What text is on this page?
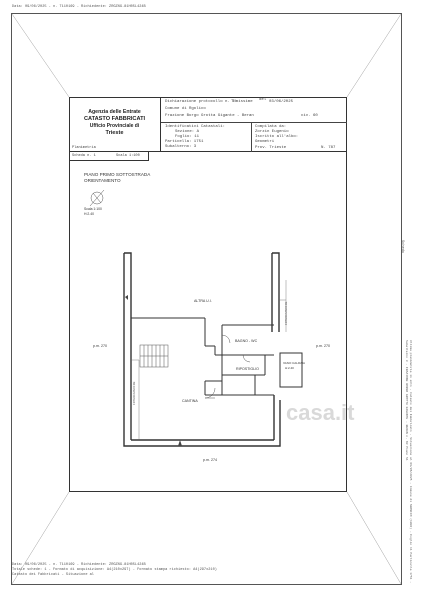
Data: 09/06/2025 - n. T110169 - Richiedente: ZRGZNG.81H05L424B
Agenzia delle Entrate
CATASTO FABBRICATI
Ufficio Provinciale di
Trieste
Dichiarazione protocollo n. T
Tdmissime del 03/06/2025
Comune di Rgolico
Frazione Borgo Grotta Gigante - Beran	civ. 60
Identificativi Catastali:
Sezione: A
Foglio: 11
Particella: 1751
Subalterno: 3
Compilata da:
Zorzin Eugenio
Iscritto all'albo:
Geometri
Prov. Trieste	N. 787
Planimetria
Scheda n. 1	Scala 1:100
PIANO PRIMO SOTTOSTRADA
ORIENTAMENTO
Scala 1:100
H:2.40
ALTRA U.I.
BAGNO - WC
RIPOSTIGLIO
CANTINA
VANO CALDAIA
H:2.40
p.m. 270	p.m. 270
p.m. 274
INTERCAPEDINE
INTERCAPEDINE
casa.it
Scheda
Ultima planimetria in atti - Catasto dei Fabbricati - Situazione al 09/06/2025 - Comune di SGONICO (1802) - Foglio 11 Particella 1751 - Subalterno 3 - FRAZIONE BORGO GROTTA GIGANTE - BERAN n. 60 Piano S1
Data: 09/06/2025 - n. T110169 - Richiedente: ZRGZNG.81H05L424B
Totale schede: 1 - Formato di acquisizione: A4(210x297) - Formato stampa richiesto: A4(297x210)
Catasto dei Fabbricati - Situazione al
